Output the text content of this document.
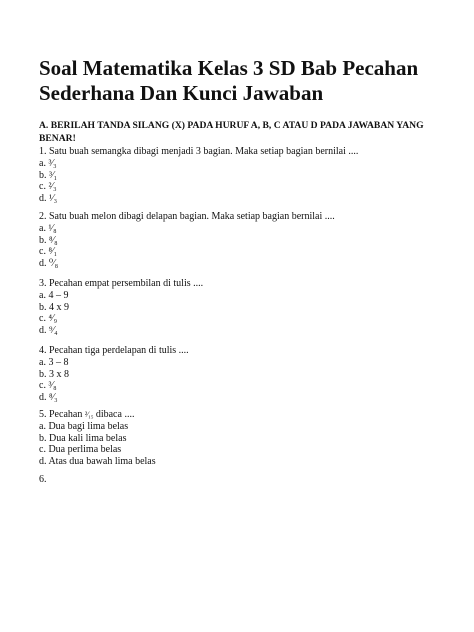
Soal Matematika Kelas 3 SD Bab Pecahan Sederhana Dan Kunci Jawaban

A. BERILAH TANDA SILANG (X) PADA HURUF A, B, C ATAU D PADA JAWABAN YANG BENAR!

1. Satu buah semangka dibagi menjadi 3 bagian. Maka setiap bagian bernilai ....
a. ³⁄₃
b. ³⁄₁
c. ²⁄₃
d. ¹⁄₃
2. Satu buah melon dibagi delapan bagian. Maka setiap bagian bernilai ....
a. ¹⁄₈
b. ⁸⁄₈
c. ⁸⁄₁
d. ⁰⁄₈
3. Pecahan empat persembilan di tulis ....
a. 4 – 9
b. 4 x 9
c. ⁴⁄₉
d. ⁹⁄₄
4. Pecahan tiga perdelapan di tulis ....
a. 3 – 8
b. 3 x 8
c. ³⁄₈
d. ⁸⁄₃
5. Pecahan ²⁄₁₅ dibaca ....
a. Dua bagi lima belas
b. Dua kali lima belas
c. Dua perlima belas
d. Atas dua bawah lima belas
6.
